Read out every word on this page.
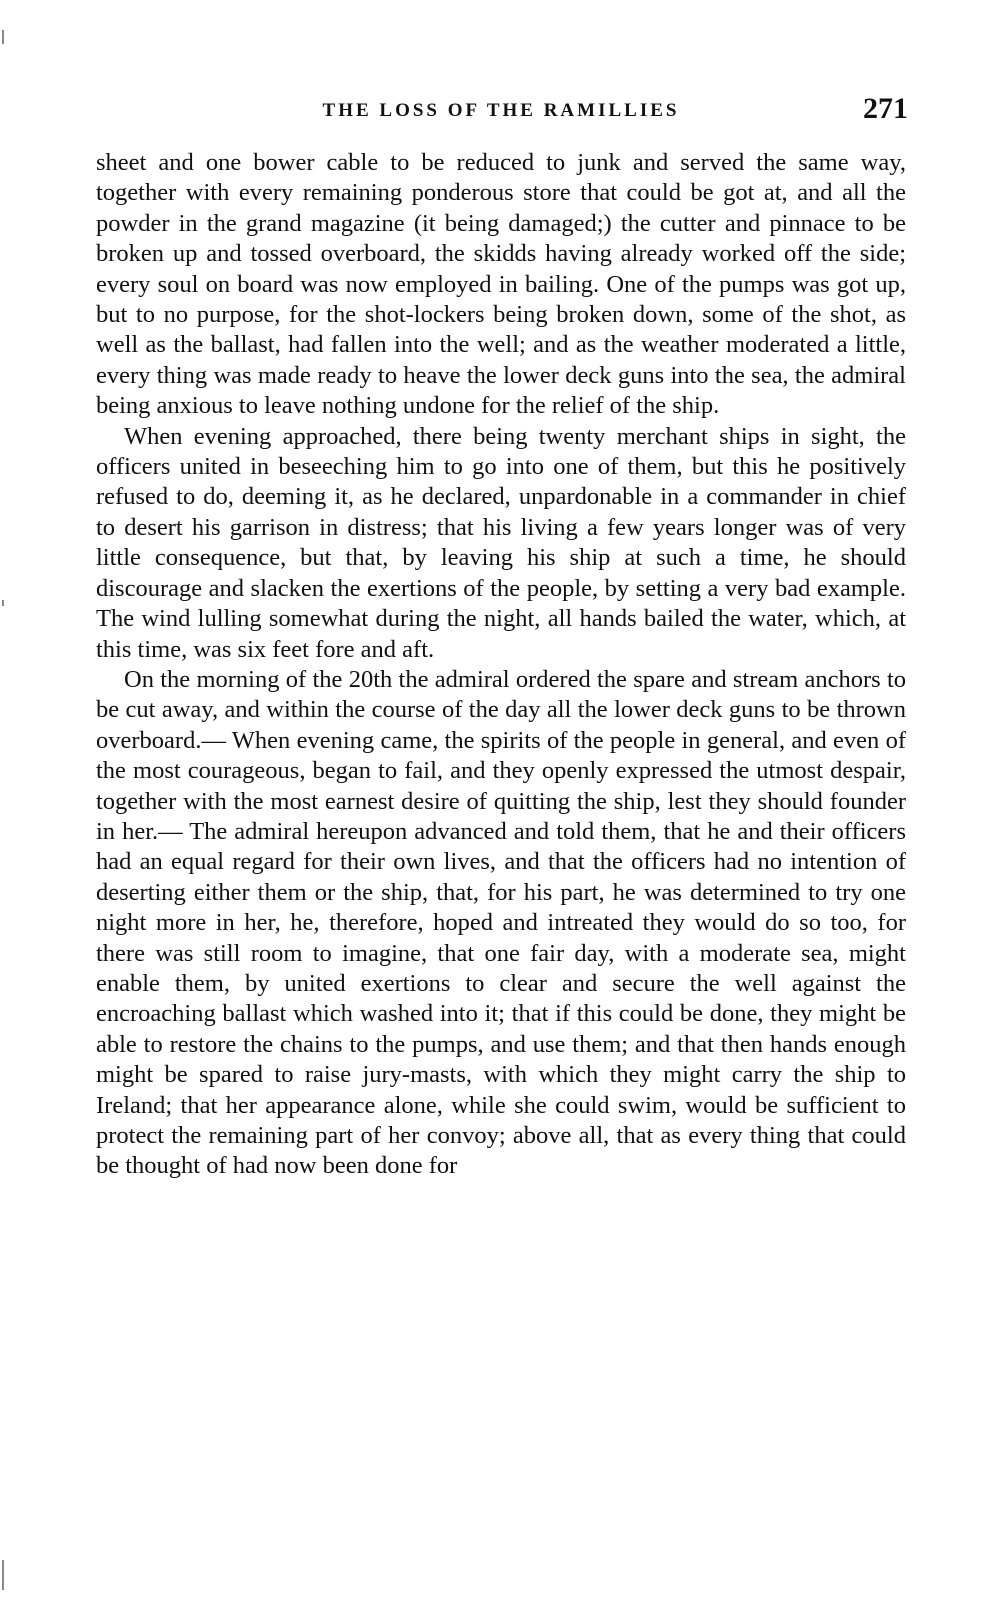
THE LOSS OF THE RAMILLIES	271

sheet and one bower cable to be reduced to junk and served the same way, together with every remaining ponderous store that could be got at, and all the powder in the grand magazine (it being damaged;) the cutter and pinnace to be broken up and tossed overboard, the skidds having already worked off the side; every soul on board was now employed in bailing. One of the pumps was got up, but to no purpose, for the shot-lockers being broken down, some of the shot, as well as the ballast, had fallen into the well; and as the weather moderated a little, every thing was made ready to heave the lower deck guns into the sea, the admiral being anxious to leave nothing undone for the relief of the ship.

When evening approached, there being twenty merchant ships in sight, the officers united in beseeching him to go into one of them, but this he positively refused to do, deeming it, as he declared, unpardonable in a commander in chief to desert his garrison in distress; that his living a few years longer was of very little consequence, but that, by leaving his ship at such a time, he should discourage and slacken the exertions of the people, by setting a very bad example. The wind lulling somewhat during the night, all hands bailed the water, which, at this time, was six feet fore and aft.

On the morning of the 20th the admiral ordered the spare and stream anchors to be cut away, and within the course of the day all the lower deck guns to be thrown overboard.— When evening came, the spirits of the people in general, and even of the most courageous, began to fail, and they openly expressed the utmost despair, together with the most earnest desire of quitting the ship, lest they should founder in her.— The admiral hereupon advanced and told them, that he and their officers had an equal regard for their own lives, and that the officers had no intention of deserting either them or the ship, that, for his part, he was determined to try one night more in her, he, therefore, hoped and intreated they would do so too, for there was still room to imagine, that one fair day, with a moderate sea, might enable them, by united exertions to clear and secure the well against the encroaching ballast which washed into it; that if this could be done, they might be able to restore the chains to the pumps, and use them; and that then hands enough might be spared to raise jury-masts, with which they might carry the ship to Ireland; that her appearance alone, while she could swim, would be sufficient to protect the remaining part of her convoy; above all, that as every thing that could be thought of had now been done for
